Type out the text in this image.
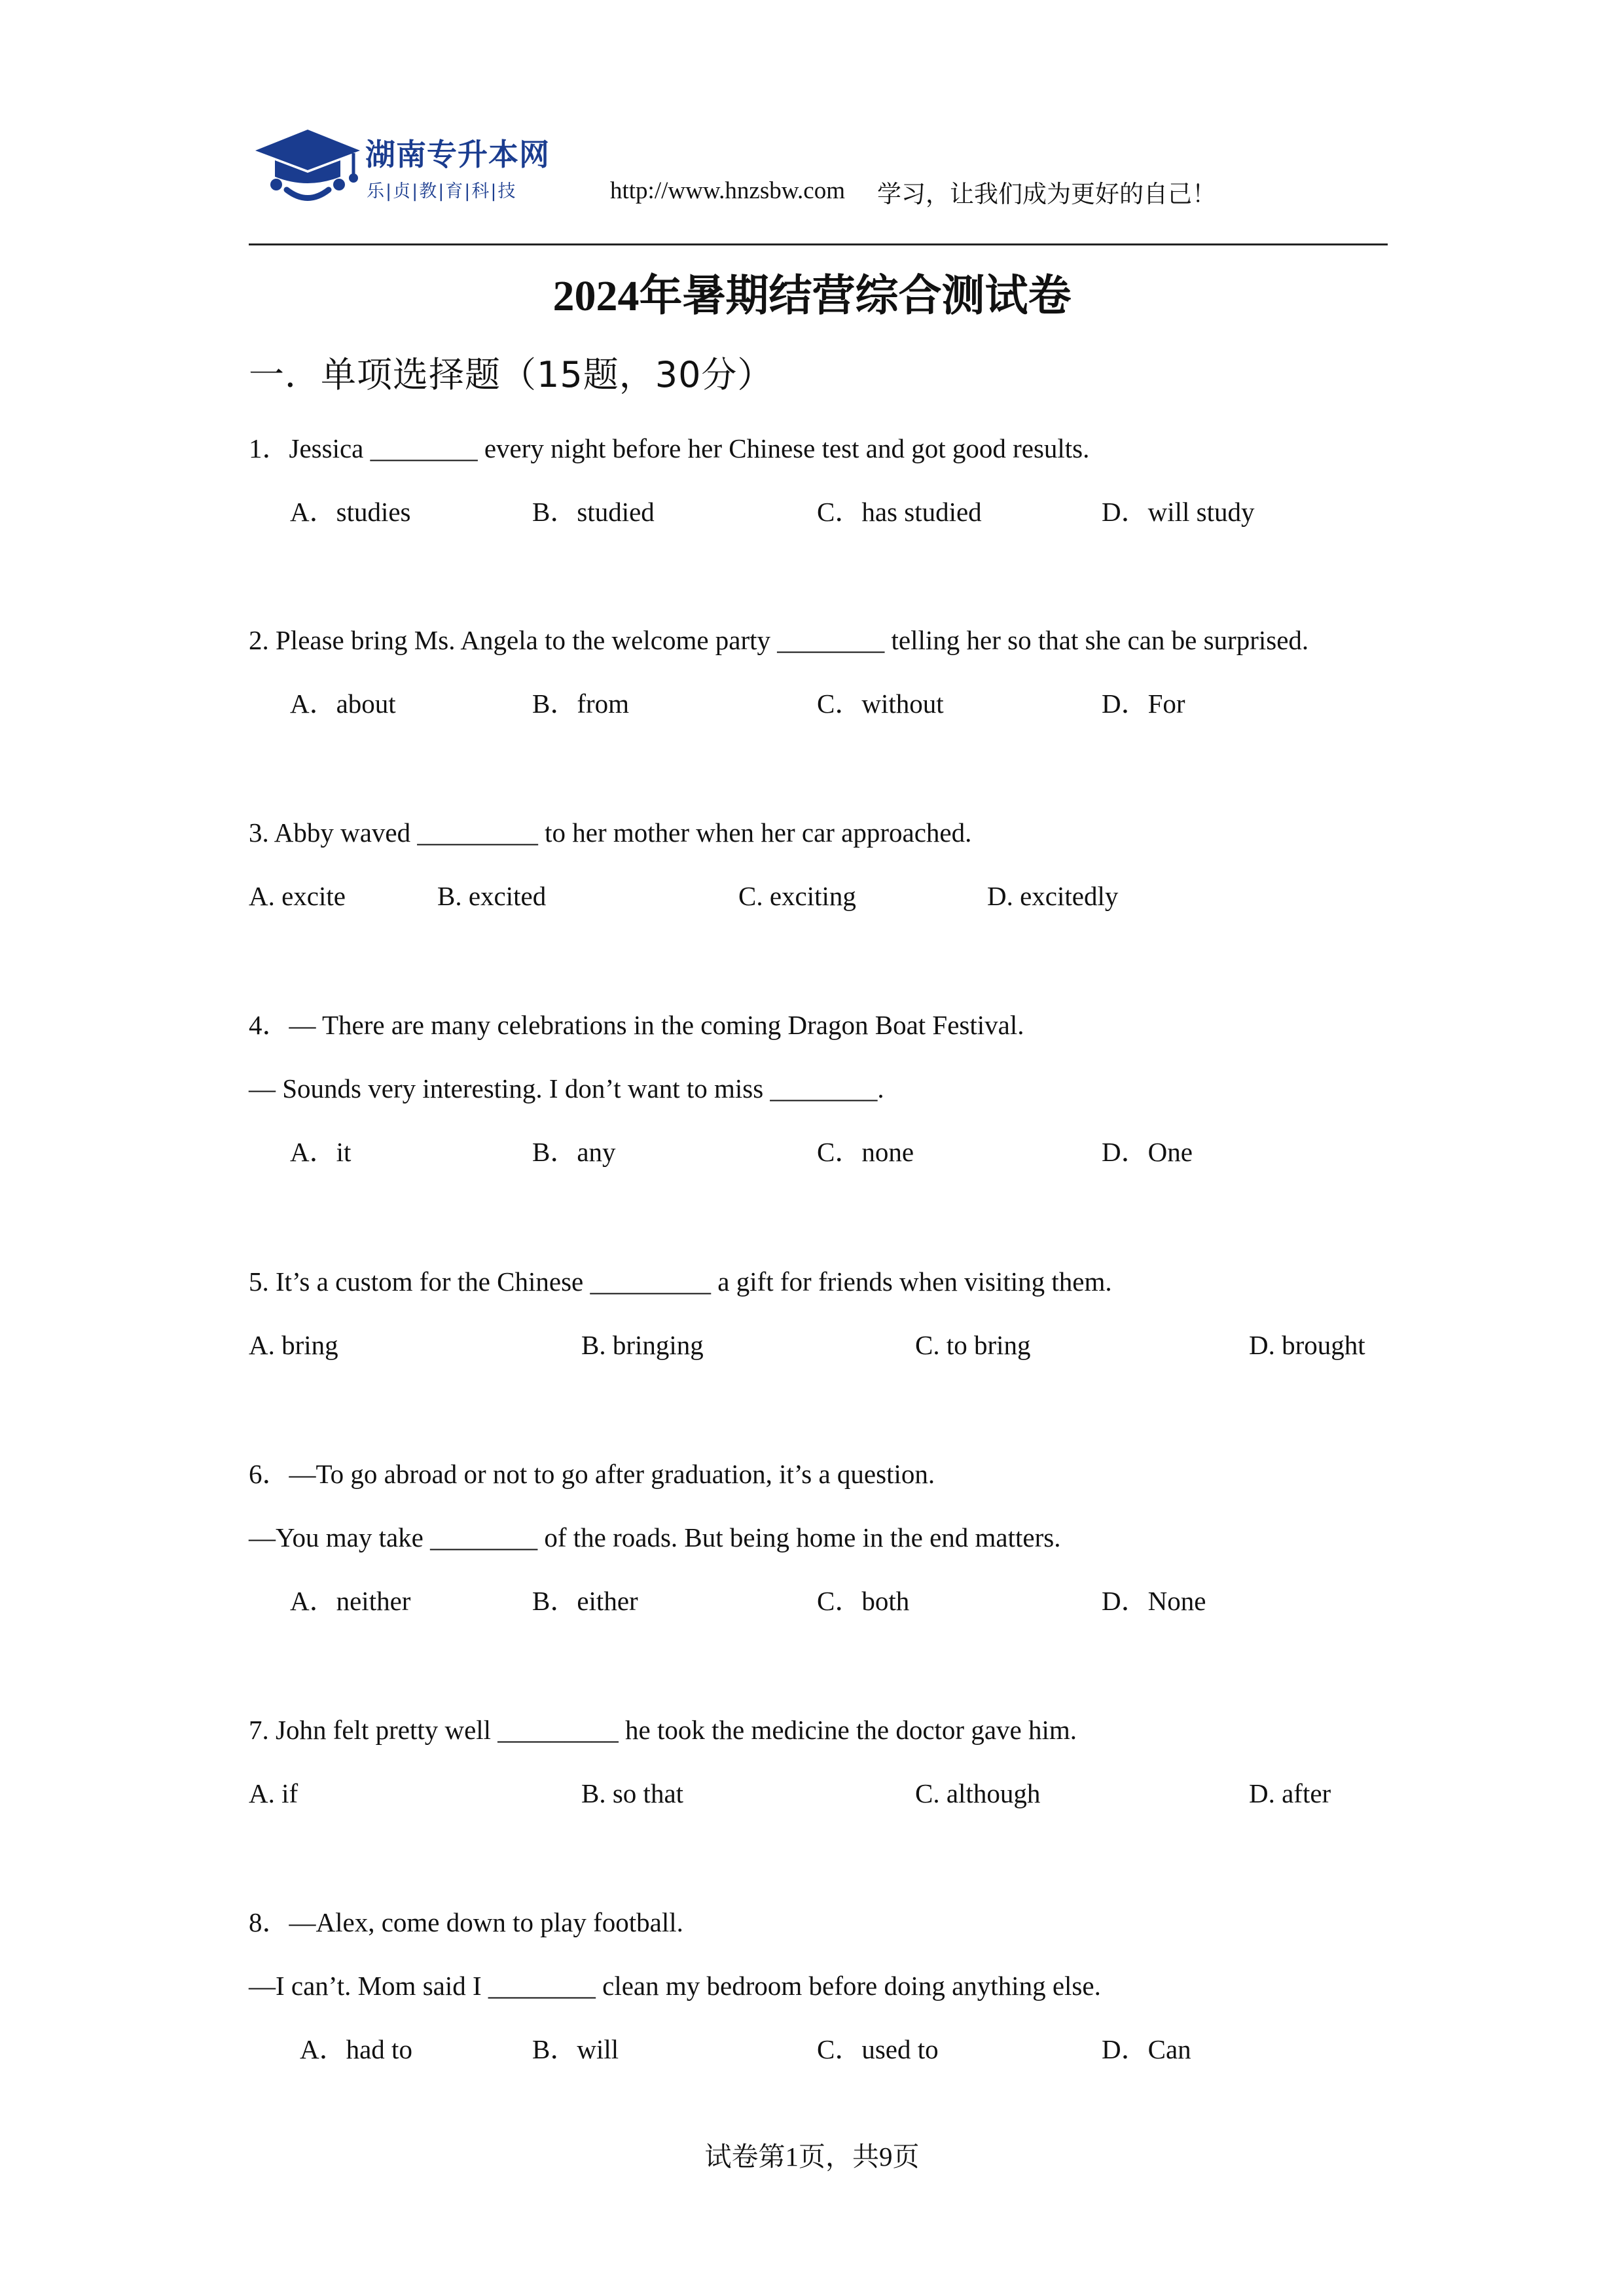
湖南专升本网
乐|贞|教|育|科|技	http://www.hnzsbw.com 学习，让我们成为更好的自己！
2024年暑期结营综合测试卷
一．单项选择题（15题，30分）
1．Jessica ________ every night before her Chinese test and got good results.
A．studies	B．studied	C．has studied	D．will study
2. Please bring Ms. Angela to the welcome party ________ telling her so that she can be surprised.
A．about	B．from	C．without	D．For
3. Abby waved _________ to her mother when her car approached.
A. excite	B. excited	C. exciting	D. excitedly
4．— There are many celebrations in the coming Dragon Boat Festival.
— Sounds very interesting. I don’t want to miss ________.
A．it	B．any	C．none	D．One
5. It’s a custom for the Chinese _________ a gift for friends when visiting them.
A. bring	B. bringing	C. to bring	D. brought
6．—To go abroad or not to go after graduation, it’s a question.
—You may take ________ of the roads. But being home in the end matters.
A．neither	B．either	C．both	D．None
7. John felt pretty well _________ he took the medicine the doctor gave him.
A. if	B. so that	C. although	D. after
8．—Alex, come down to play football.
—I can’t. Mom said I ________ clean my bedroom before doing anything else.
A．had to	B．will	C．used to	D．Can
试卷第1页，共9页
